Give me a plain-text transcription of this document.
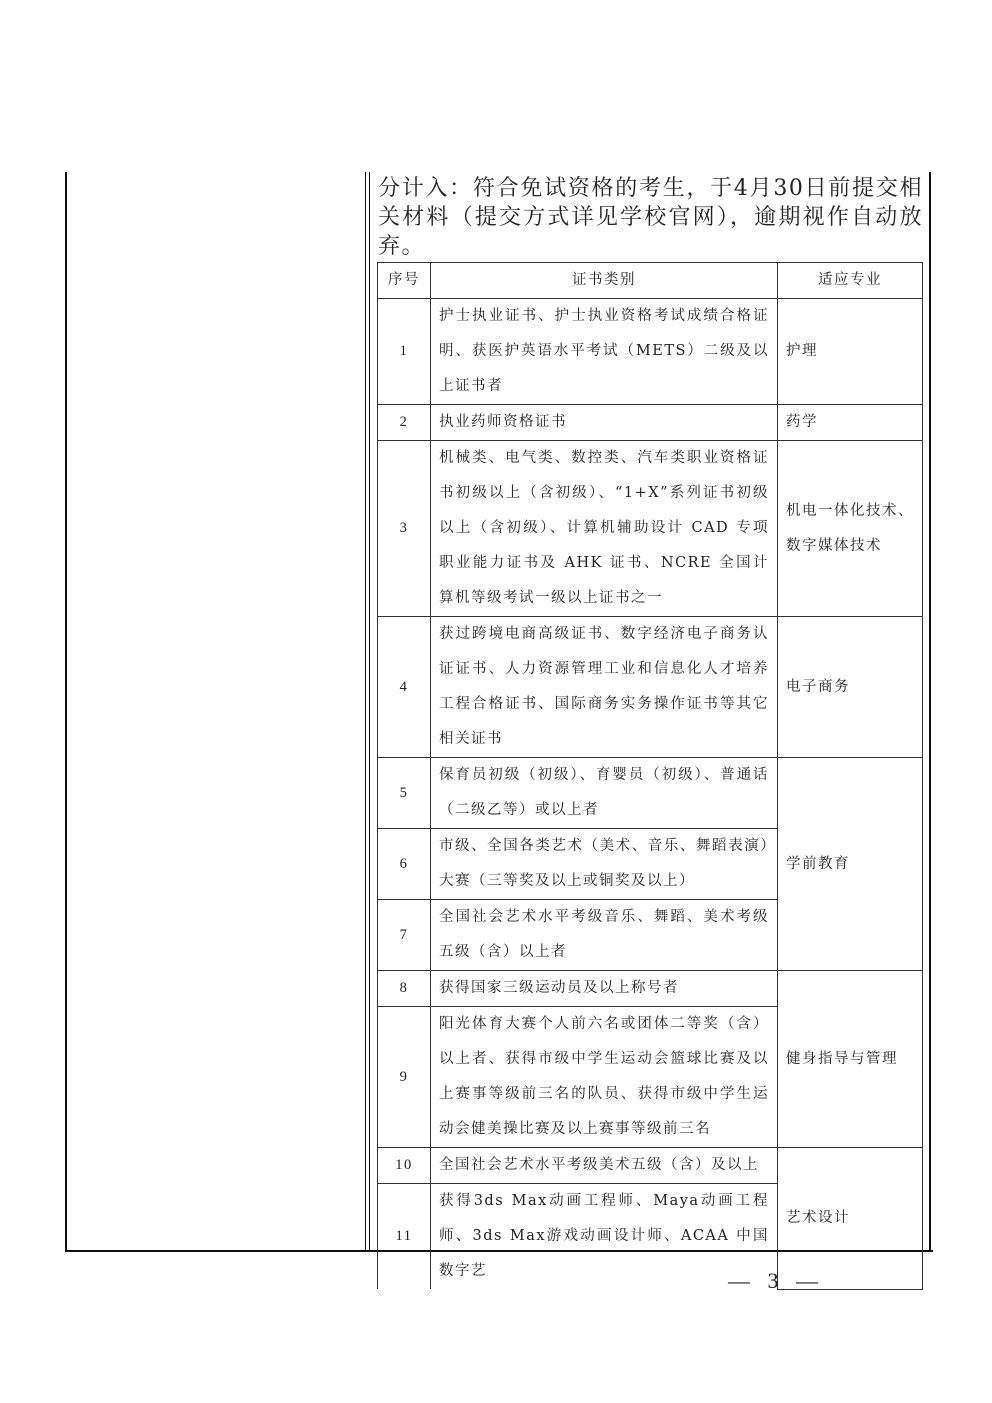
分计入：符合免试资格的考生，于4月30日前提交相关材料（提交方式详见学校官网），逾期视作自动放弃。

序号	证书类别	适应专业
1	护士执业证书、护士执业资格考试成绩合格证明、获医护英语水平考试（METS）二级及以上证书者	护理
2	执业药师资格证书	药学
3	机械类、电气类、数控类、汽车类职业资格证书初级以上（含初级）、“1+X”系列证书初级以上（含初级）、计算机辅助设计 CAD 专项职业能力证书及 AHK 证书、NCRE 全国计算机等级考试一级以上证书之一	机电一体化技术、数字媒体技术
4	获过跨境电商高级证书、数字经济电子商务认证证书、人力资源管理工业和信息化人才培养工程合格证书、国际商务实务操作证书等其它相关证书	电子商务
5	保育员初级（初级）、育婴员（初级）、普通话（二级乙等）或以上者	学前教育
6	市级、全国各类艺术（美术、音乐、舞蹈表演）大赛（三等奖及以上或铜奖及以上）	
7	全国社会艺术水平考级音乐、舞蹈、美术考级五级（含）以上者	
8	获得国家三级运动员及以上称号者	健身指导与管理
9	阳光体育大赛个人前六名或团体二等奖（含）以上者、获得市级中学生运动会篮球比赛及以上赛事等级前三名的队员、获得市级中学生运动会健美操比赛及以上赛事等级前三名	
10	全国社会艺术水平考级美术五级（含）及以上	艺术设计
11	获得3ds Max动画工程师、Maya动画工程师、3ds Max游戏动画设计师、ACAA 中国数字艺		— 3 —
